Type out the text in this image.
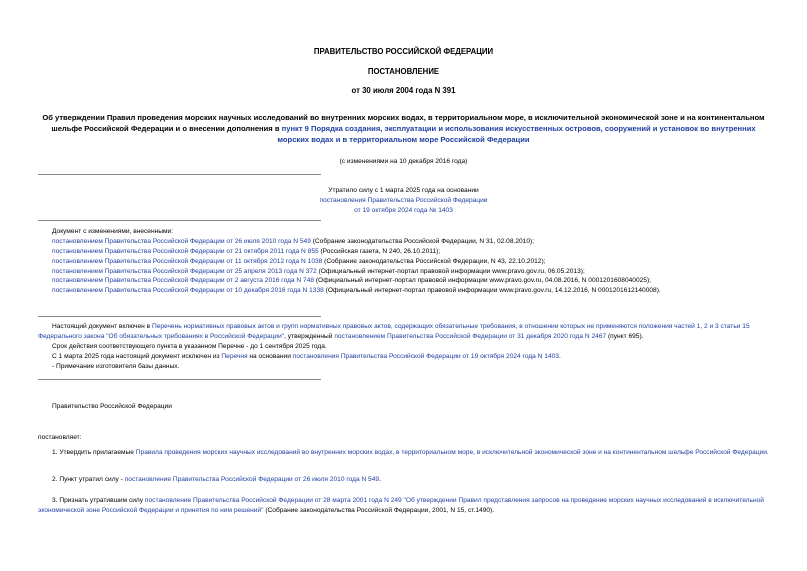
ПРАВИТЕЛЬСТВО РОССИЙСКОЙ ФЕДЕРАЦИИ
ПОСТАНОВЛЕНИЕ
от 30 июля 2004 года N 391
Об утверждении Правил проведения морских научных исследований во внутренних морских водах, в территориальном море, в исключительной экономической зоне и на континентальном шельфе Российской Федерации и о внесении дополнения в пункт 9 Порядка создания, эксплуатации и использования искусственных островов, сооружений и установок во внутренних морских водах и в территориальном море Российской Федерации
(с изменениями на 10 декабря 2016 года)
Утратило силу с 1 марта 2025 года на основании
постановления Правительства Российской Федерации
от 19 октября 2024 года № 1403
Документ с изменениями, внесенными:
постановлением Правительства Российской Федерации от 26 июля 2010 года N 549 (Собрание законодательства Российской Федерации, N 31, 02.08.2010);
постановлением Правительства Российской Федерации от 21 октября 2011 года N 855 (Российская газета, N 240, 26.10.2011);
постановлением Правительства Российской Федерации от 11 октября 2012 года N 1038 (Собрание законодательства Российской Федерации, N 43, 22.10.2012);
постановлением Правительства Российской Федерации от 25 апреля 2013 года N 372 (Официальный интернет-портал правовой информации www.pravo.gov.ru, 06.05.2013);
постановлением Правительства Российской Федерации от 2 августа 2016 года N 748 (Официальный интернет-портал правовой информации www.pravo.gov.ru, 04.08.2016, N 0001201608040025);
постановлением Правительства Российской Федерации от 10 декабря 2016 года N 1338 (Официальный интернет-портал правовой информации www.pravo.gov.ru, 14.12.2016, N 0001201612140008).
Настоящий документ включен в Перечень нормативных правовых актов и групп нормативных правовых актов, содержащих обязательные требования, в отношении которых не применяются положения частей 1, 2 и 3 статьи 15 Федерального закона "Об обязательных требованиях в Российской Федерации", утвержденный постановлением Правительства Российской Федерации от 31 декабря 2020 года N 2467 (пункт 695).
Срок действия соответствующего пункта в указанном Перечне - до 1 сентября 2025 года.
С 1 марта 2025 года настоящий документ исключен из Перечня на основании постановления Правительства Российской Федерации от 19 октября 2024 года N 1403.
- Примечание изготовителя базы данных.
Правительство Российской Федерации
постановляет:
1. Утвердить прилагаемые Правила проведения морских научных исследований во внутренних морских водах, в территориальном море, в исключительной экономической зоне и на континентальном шельфе Российской Федерации.
2. Пункт утратил силу - постановление Правительства Российской Федерации от 26 июля 2010 года N 549.
3. Признать утратившим силу постановление Правительства Российской Федерации от 28 марта 2001 года N 249 "Об утверждении Правил представления запросов на проведение морских научных исследований в исключительной экономической зоне Российской Федерации и принятия по ним решений" (Собрание законодательства Российской Федерации, 2001, N 15, ст.1490).
